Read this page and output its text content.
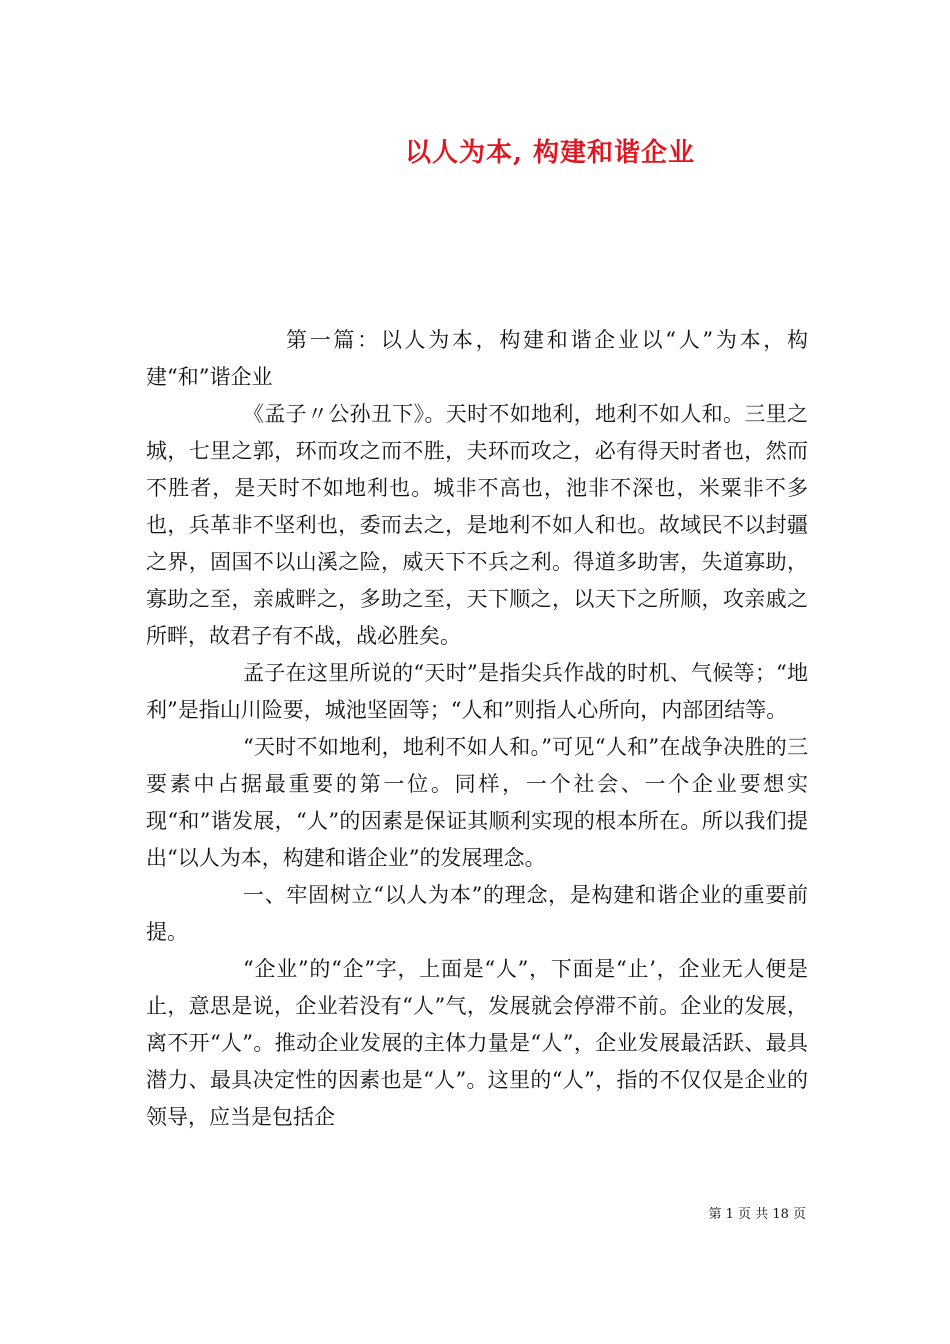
以人为本, 构建和谐企业

第一篇：以人为本，构建和谐企业以“人”为本，构建“和”谐企业

《孟子〃公孙丑下》。天时不如地利，地利不如人和。三里之城，七里之郭，环而攻之而不胜，夫环而攻之，必有得天时者也，然而不胜者，是天时不如地利也。城非不高也，池非不深也，米粟非不多也，兵革非不坚利也，委而去之，是地利不如人和也。故域民不以封疆之界，固国不以山溪之险，威天下不兵之利。得道多助害，失道寡助，寡助之至，亲戚畔之，多助之至，天下顺之，以天下之所顺，攻亲戚之所畔，故君子有不战，战必胜矣。

孟子在这里所说的“天时”是指尖兵作战的时机、气候等；“地利”是指山川险要，城池坚固等；“人和”则指人心所向，内部团结等。

“天时不如地利，地利不如人和。”可见“人和”在战争决胜的三要素中占据最重要的第一位。同样，一个社会、一个企业要想实现“和”谐发展，“人”的因素是保证其顺利实现的根本所在。所以我们提出“以人为本，构建和谐企业”的发展理念。

一、牢固树立“以人为本”的理念，是构建和谐企业的重要前提。

“企业”的“企”字，上面是“人”，下面是“止’，企业无人便是止，意思是说，企业若没有“人”气，发展就会停滞不前。企业的发展，离不开“人”。推动企业发展的主体力量是“人”，企业发展最活跃、最具潜力、最具决定性的因素也是“人”。这里的“人”，指的不仅仅是企业的领导，应当是包括企

第 1 页 共 18 页
